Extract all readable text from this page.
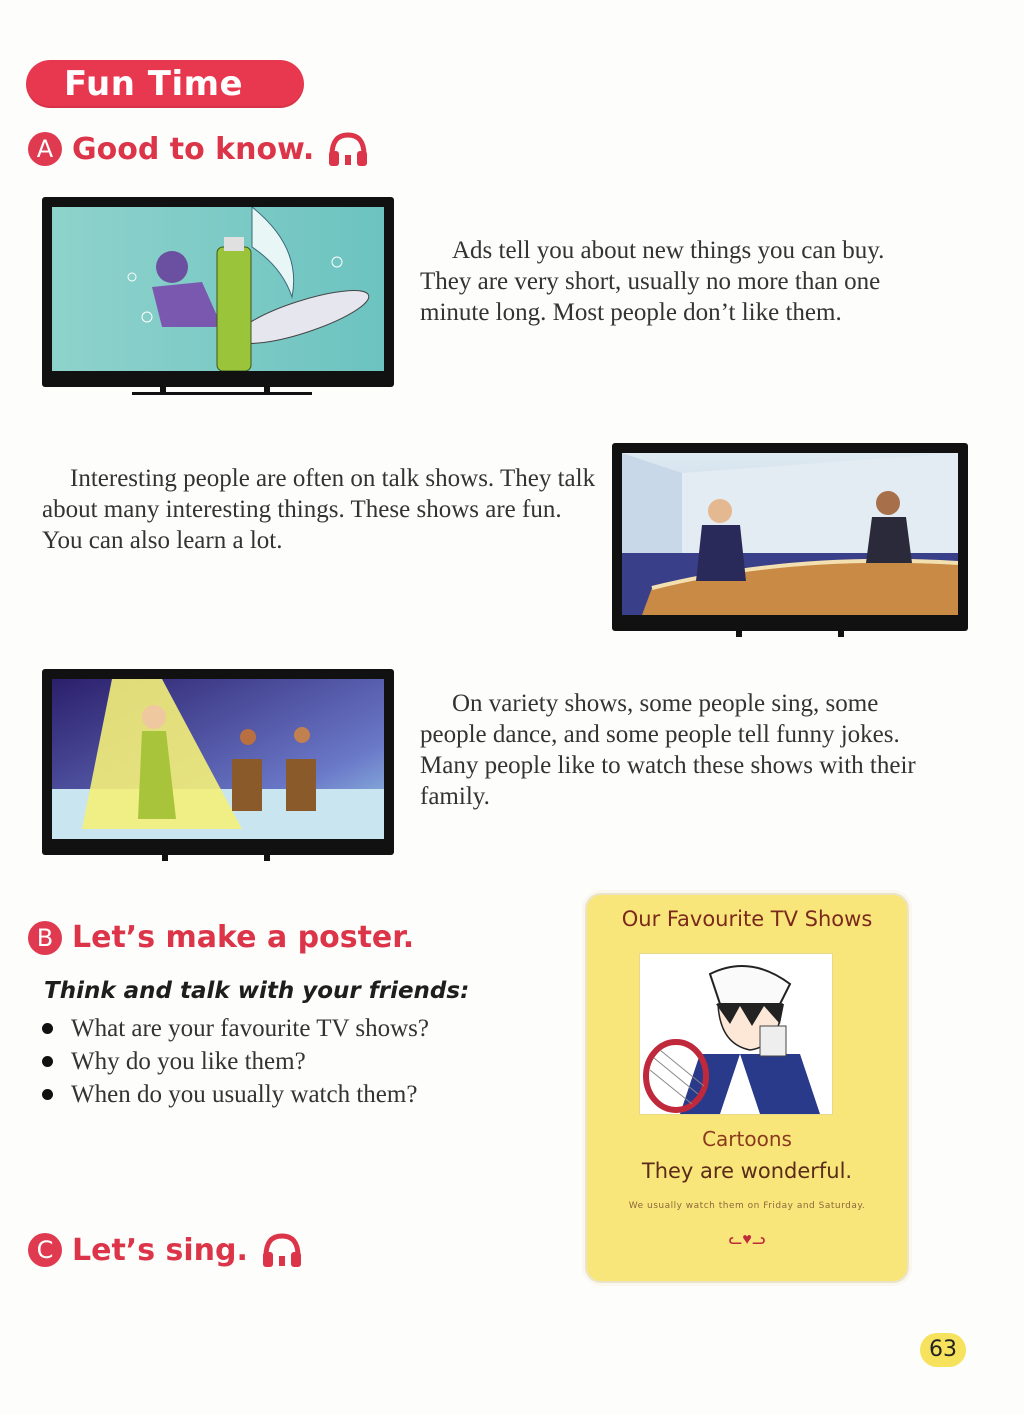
Fun Time
A Good to know.
Ads tell you about new things you can buy. They are very short, usually no more than one minute long. Most people don’t like them.
Interesting people are often on talk shows. They talk about many interesting things. These shows are fun. You can also learn a lot.
On variety shows, some people sing, some people dance, and some people tell funny jokes. Many people like to watch these shows with their family.
B Let’s make a poster.
Think and talk with your friends:
What are your favourite TV shows?
Why do you like them?
When do you usually watch them?
Our Favourite TV Shows
Cartoons
They are wonderful.
We usually watch them on Friday and Saturday.
ᓚ♥ᓗ
C Let’s sing.
63
